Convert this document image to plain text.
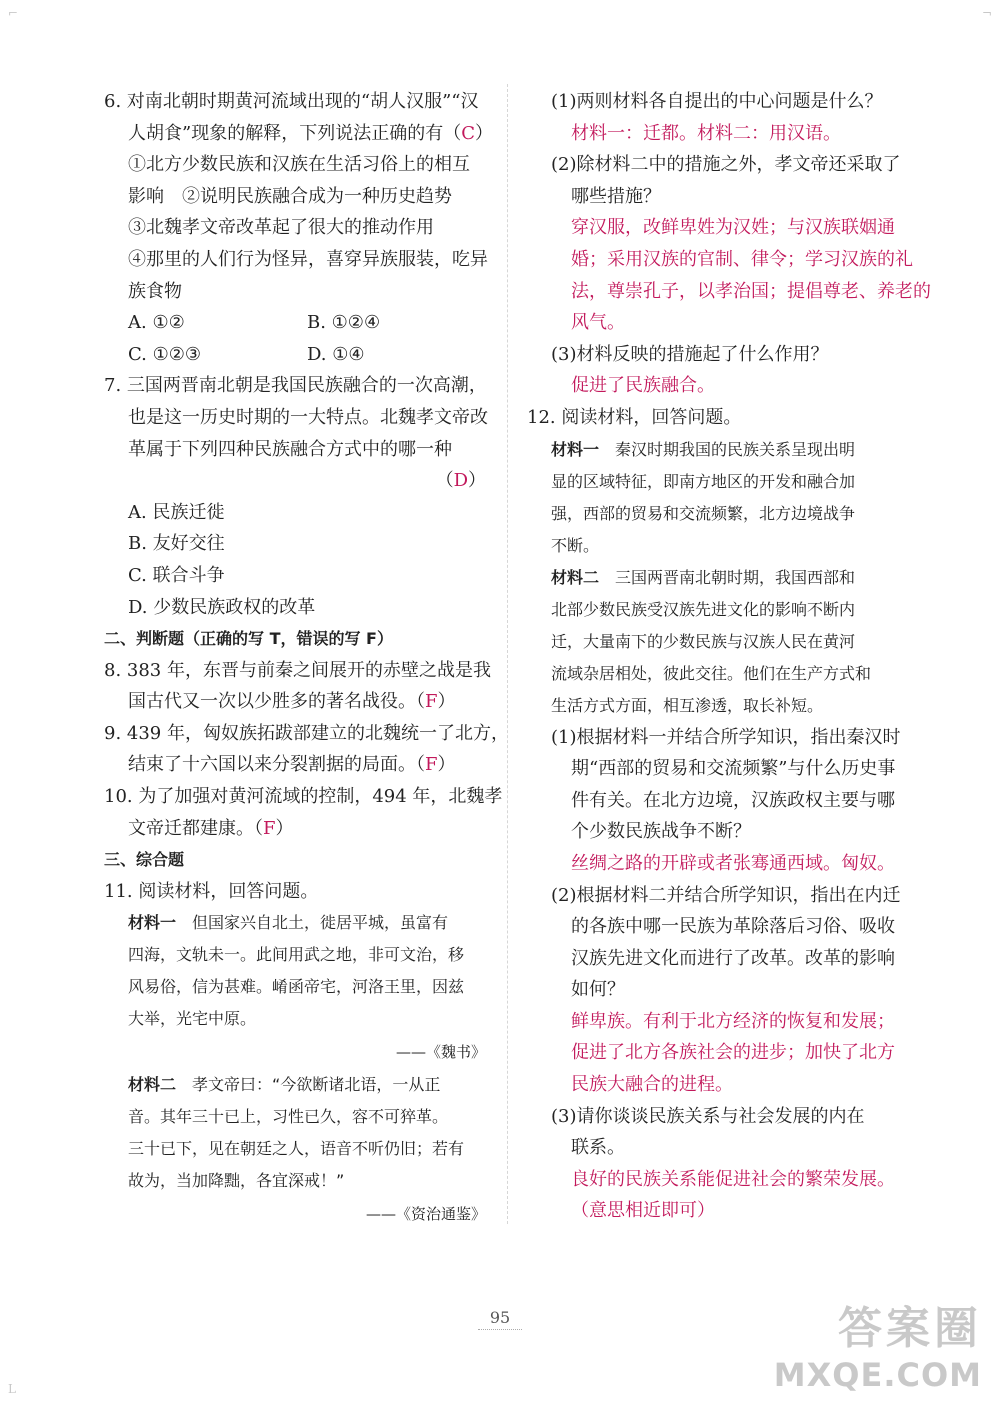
⌐	¬
L
6. 对南北朝时期黄河流域出现的“胡人汉服”“汉
人胡食”现象的解释，下列说法正确的有（C）
①北方少数民族和汉族在生活习俗上的相互
影响　②说明民族融合成为一种历史趋势
③北魏孝文帝改革起了很大的推动作用
④那里的人们行为怪异，喜穿异族服装，吃异
族食物
A. ①②	B. ①②④
C. ①②③	D. ①④
7. 三国两晋南北朝是我国民族融合的一次高潮，
也是这一历史时期的一大特点。北魏孝文帝改
革属于下列四种民族融合方式中的哪一种
（D）
A. 民族迁徙
B. 友好交往
C. 联合斗争
D. 少数民族政权的改革
二、判断题（正确的写 T，错误的写 F）
8. 383 年，东晋与前秦之间展开的赤壁之战是我
国古代又一次以少胜多的著名战役。（F）
9. 439 年，匈奴族拓跋部建立的北魏统一了北方，
结束了十六国以来分裂割据的局面。（F）
10. 为了加强对黄河流域的控制，494 年，北魏孝
文帝迁都建康。（F）
三、综合题
11. 阅读材料，回答问题。
材料一　 但国家兴自北土，徙居平城，虽富有
四海，文轨未一。此间用武之地，非可文治，移
风易俗，信为甚难。崤函帝宅，河洛王里，因兹
大举，光宅中原。
——《魏书》
材料二　 孝文帝曰：“今欲断诸北语，一从正
音。其年三十已上，习性已久，容不可猝革。
三十已下，见在朝廷之人，语音不听仍旧；若有
故为，当加降黜，各宜深戒！”
——《资治通鉴》
(1)两则材料各自提出的中心问题是什么？
材料一：迁都。材料二：用汉语。
(2)除材料二中的措施之外，孝文帝还采取了
哪些措施？
穿汉服，改鲜卑姓为汉姓；与汉族联姻通
婚；采用汉族的官制、律令；学习汉族的礼
法，尊崇孔子，以孝治国；提倡尊老、养老的
风气。
(3)材料反映的措施起了什么作用？
促进了民族融合。
12. 阅读材料，回答问题。
材料一　 秦汉时期我国的民族关系呈现出明
显的区域特征，即南方地区的开发和融合加
强，西部的贸易和交流频繁，北方边境战争
不断。
材料二　 三国两晋南北朝时期，我国西部和
北部少数民族受汉族先进文化的影响不断内
迁，大量南下的少数民族与汉族人民在黄河
流域杂居相处，彼此交往。他们在生产方式和
生活方式方面，相互渗透，取长补短。
(1)根据材料一并结合所学知识，指出秦汉时
期“西部的贸易和交流频繁”与什么历史事
件有关。在北方边境，汉族政权主要与哪
个少数民族战争不断？
丝绸之路的开辟或者张骞通西域。匈奴。
(2)根据材料二并结合所学知识，指出在内迁
的各族中哪一民族为革除落后习俗、吸收
汉族先进文化而进行了改革。改革的影响
如何？
鲜卑族。有利于北方经济的恢复和发展；
促进了北方各族社会的进步；加快了北方
民族大融合的进程。
(3)请你谈谈民族关系与社会发展的内在
联系。
良好的民族关系能促进社会的繁荣发展。
（意思相近即可）
95	答案圈
MXQE.COM
